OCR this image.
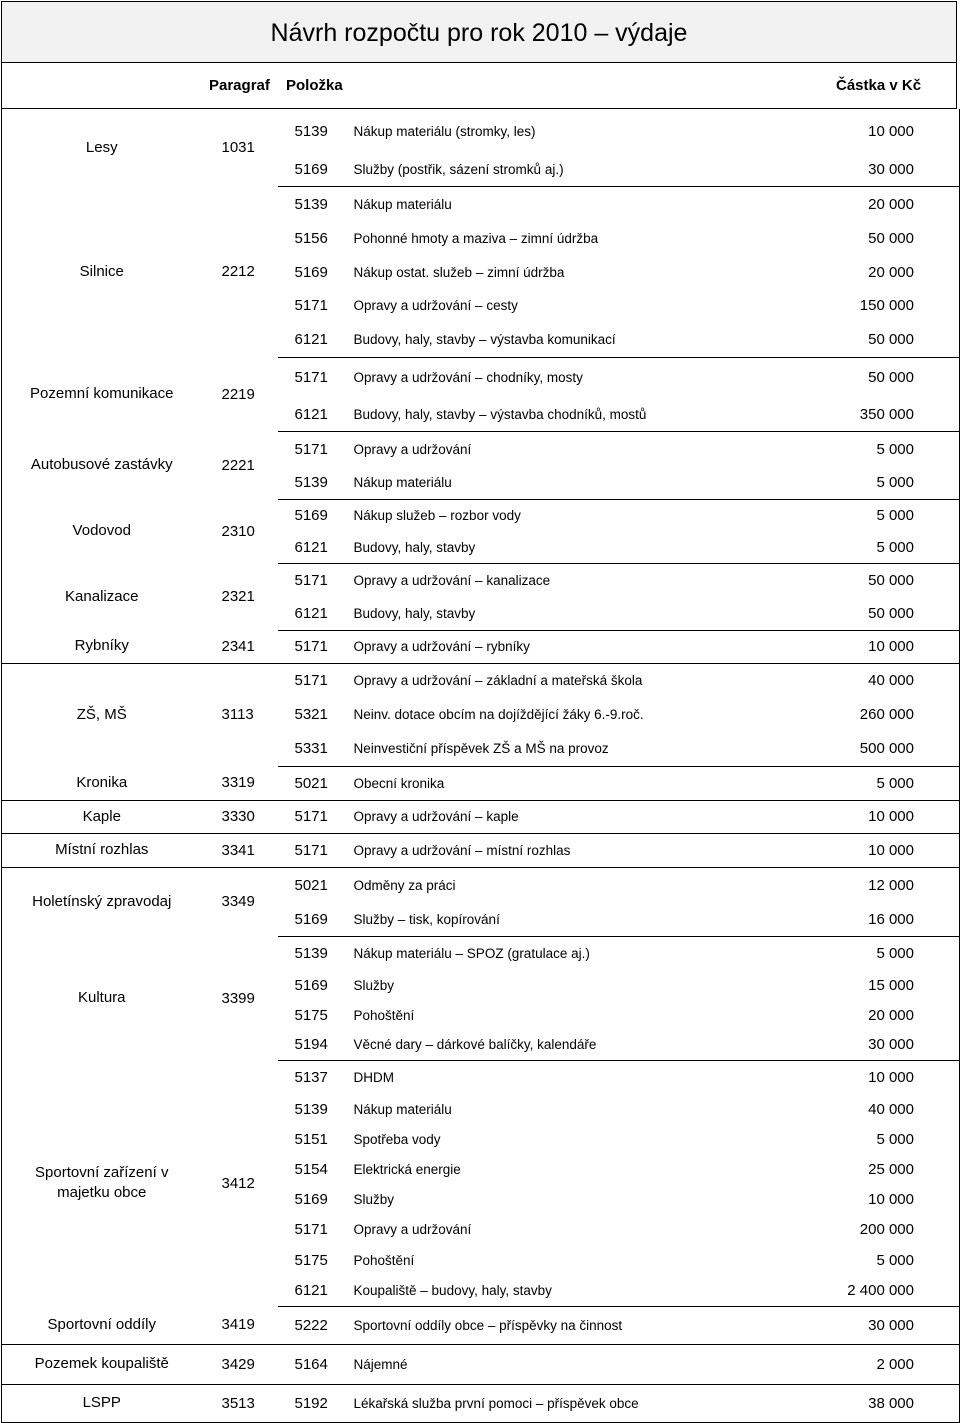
Návrh rozpočtu pro rok 2010 – výdaje
Paragraf Položka	Částka v Kč
Lesy	1031	5139	Nákup materiálu (stromky, les)	10 000
		5169	Služby (postřik, sázení stromků aj.)	30 000
Silnice	2212	5139	Nákup materiálu	20 000
		5156	Pohonné hmoty a maziva – zimní údržba	50 000
		5169	Nákup ostat. služeb – zimní údržba	20 000
		5171	Opravy a udržování – cesty	150 000
		6121	Budovy, haly, stavby – výstavba komunikací	50 000
Pozemní komunikace	2219	5171	Opravy a udržování – chodníky, mosty	50 000
		6121	Budovy, haly, stavby – výstavba chodníků, mostů	350 000
Autobusové zastávky	2221	5171	Opravy a udržování	5 000
		5139	Nákup materiálu	5 000
Vodovod	2310	5169	Nákup služeb – rozbor vody	5 000
		6121	Budovy, haly, stavby	5 000
Kanalizace	2321	5171	Opravy a udržování – kanalizace	50 000
		6121	Budovy, haly, stavby	50 000
Rybníky	2341	5171	Opravy a udržování – rybníky	10 000
ZŠ, MŠ	3113	5171	Opravy a udržování – základní a mateřská škola	40 000
		5321	Neinv. dotace obcím na dojíždějící žáky 6.-9.roč.	260 000
		5331	Neinvestiční příspěvek ZŠ a MŠ na provoz	500 000
Kronika	3319	5021	Obecní kronika	5 000
Kaple	3330	5171	Opravy a udržování – kaple	10 000
Místní rozhlas	3341	5171	Opravy a udržování – místní rozhlas	10 000
Holetínský zpravodaj	3349	5021	Odměny za práci	12 000
		5169	Služby – tisk, kopírování	16 000
Kultura	3399	5139	Nákup materiálu – SPOZ (gratulace aj.)	5 000
		5169	Služby	15 000
		5175	Pohoštění	20 000
		5194	Věcné dary – dárkové balíčky, kalendáře	30 000
Sportovní zařízení v majetku obce	3412	5137	DHDM	10 000
		5139	Nákup materiálu	40 000
		5151	Spotřeba vody	5 000
		5154	Elektrická energie	25 000
		5169	Služby	10 000
		5171	Opravy a udržování	200 000
		5175	Pohoštění	5 000
		6121	Koupaliště – budovy, haly, stavby	2 400 000
Sportovní oddíly	3419	5222	Sportovní oddíly obce – příspěvky na činnost	30 000
Pozemek koupaliště	3429	5164	Nájemné	2 000
LSPP	3513	5192	Lékařská služba první pomoci – příspěvek obce	38 000
